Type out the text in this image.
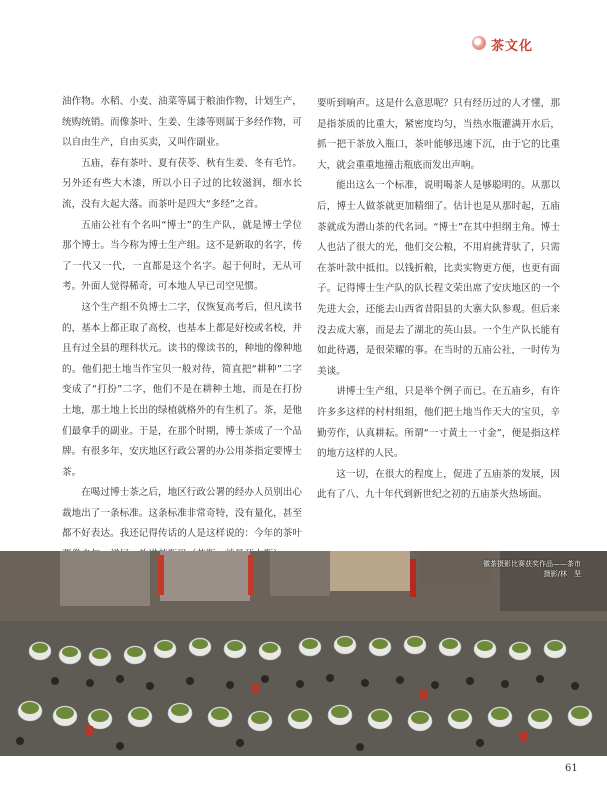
茶文化

油作物。水稻、小麦、油菜等属于粮油作物，计划生产，统购统销。而像茶叶、生姜、生漆等则属于多经作物，可以自由生产，自由买卖，又叫作副业。

五庙，春有茶叶、夏有茯苓、秋有生姜、冬有毛竹。另外还有些大木漆，所以小日子过的比较滋润，细水长流，没有大起大落。而茶叶是四大“多经”之首。

五庙公社有个名叫“博士”的生产队，就是博士学位那个博士。当今称为博士生产组。这不是新取的名字，传了一代又一代，一直都是这个名字。起于何时，无从可考。外面人觉得稀奇，可本地人早已司空见惯。

这个生产组不负博士二字，仅恢复高考后，但凡读书的，基本上都正取了高校，也基本上都是好校或名校，并且有过全县的理科状元。读书的像读书的，种地的像种地的。他们把土地当作宝贝一般对待，简直把“耕种”二字变成了“打扮”二字，他们不是在耕种土地，而是在打扮土地，那土地上长出的绿植就格外的有生机了。茶，是他们最拿手的副业。于是，在那个时期，博士茶成了一个品牌。有很多年，安庆地区行政公署的办公用茶指定要博士茶。

在喝过博士茶之后，地区行政公署的经办人员别出心裁地出了一条标准。这条标准非常奇特，没有量化，甚至都不好表达。我还记得传话的人是这样说的：今年的茶叶

要听到响声。这是什么意思呢？只有经历过的人才懂，那是指茶质的比重大，紧密度均匀，当热水瓶灌满开水后，抓一把干茶放入瓶口，茶叶能够迅速下沉，由于它的比重大，就会重重地撞击瓶底而发出声响。

能出这么一个标准，说明喝茶人是够聪明的。从那以后，博士人做茶就更加精细了。估计也是从那时起，五庙茶就成为潜山茶的代名词。“博士”在其中担纲主角。博士人也沾了很大的光，他们交公粮，不用肩挑背驮了，只需在茶叶款中抵扣。以钱折粮，比卖实物更方便，也更有面子。记得博士生产队的队长程文荣出席了安庆地区的一个先进大会，还能去山西省昔阳县的大寨大队参观。但后来没去成大寨，而是去了湖北的英山县。一个生产队长能有如此待遇，是很荣耀的事。在当时的五庙公社，一时传为美谈。

讲博士生产组，只是举个例子而已。在五庙乡，有许许多多这样的村村组组，他们把土地当作天大的宝贝，辛勤劳作，认真耕耘。所谓“一寸黄土一寸金”，便是指这样的地方这样的人民。

这一切，在很大的程度上，促进了五庙茶的发展，因此有了八、九十年代到新世纪之初的五庙茶火热场面。

徽茶摄影比赛获奖作品——茶市
摄影/林　坚
61
